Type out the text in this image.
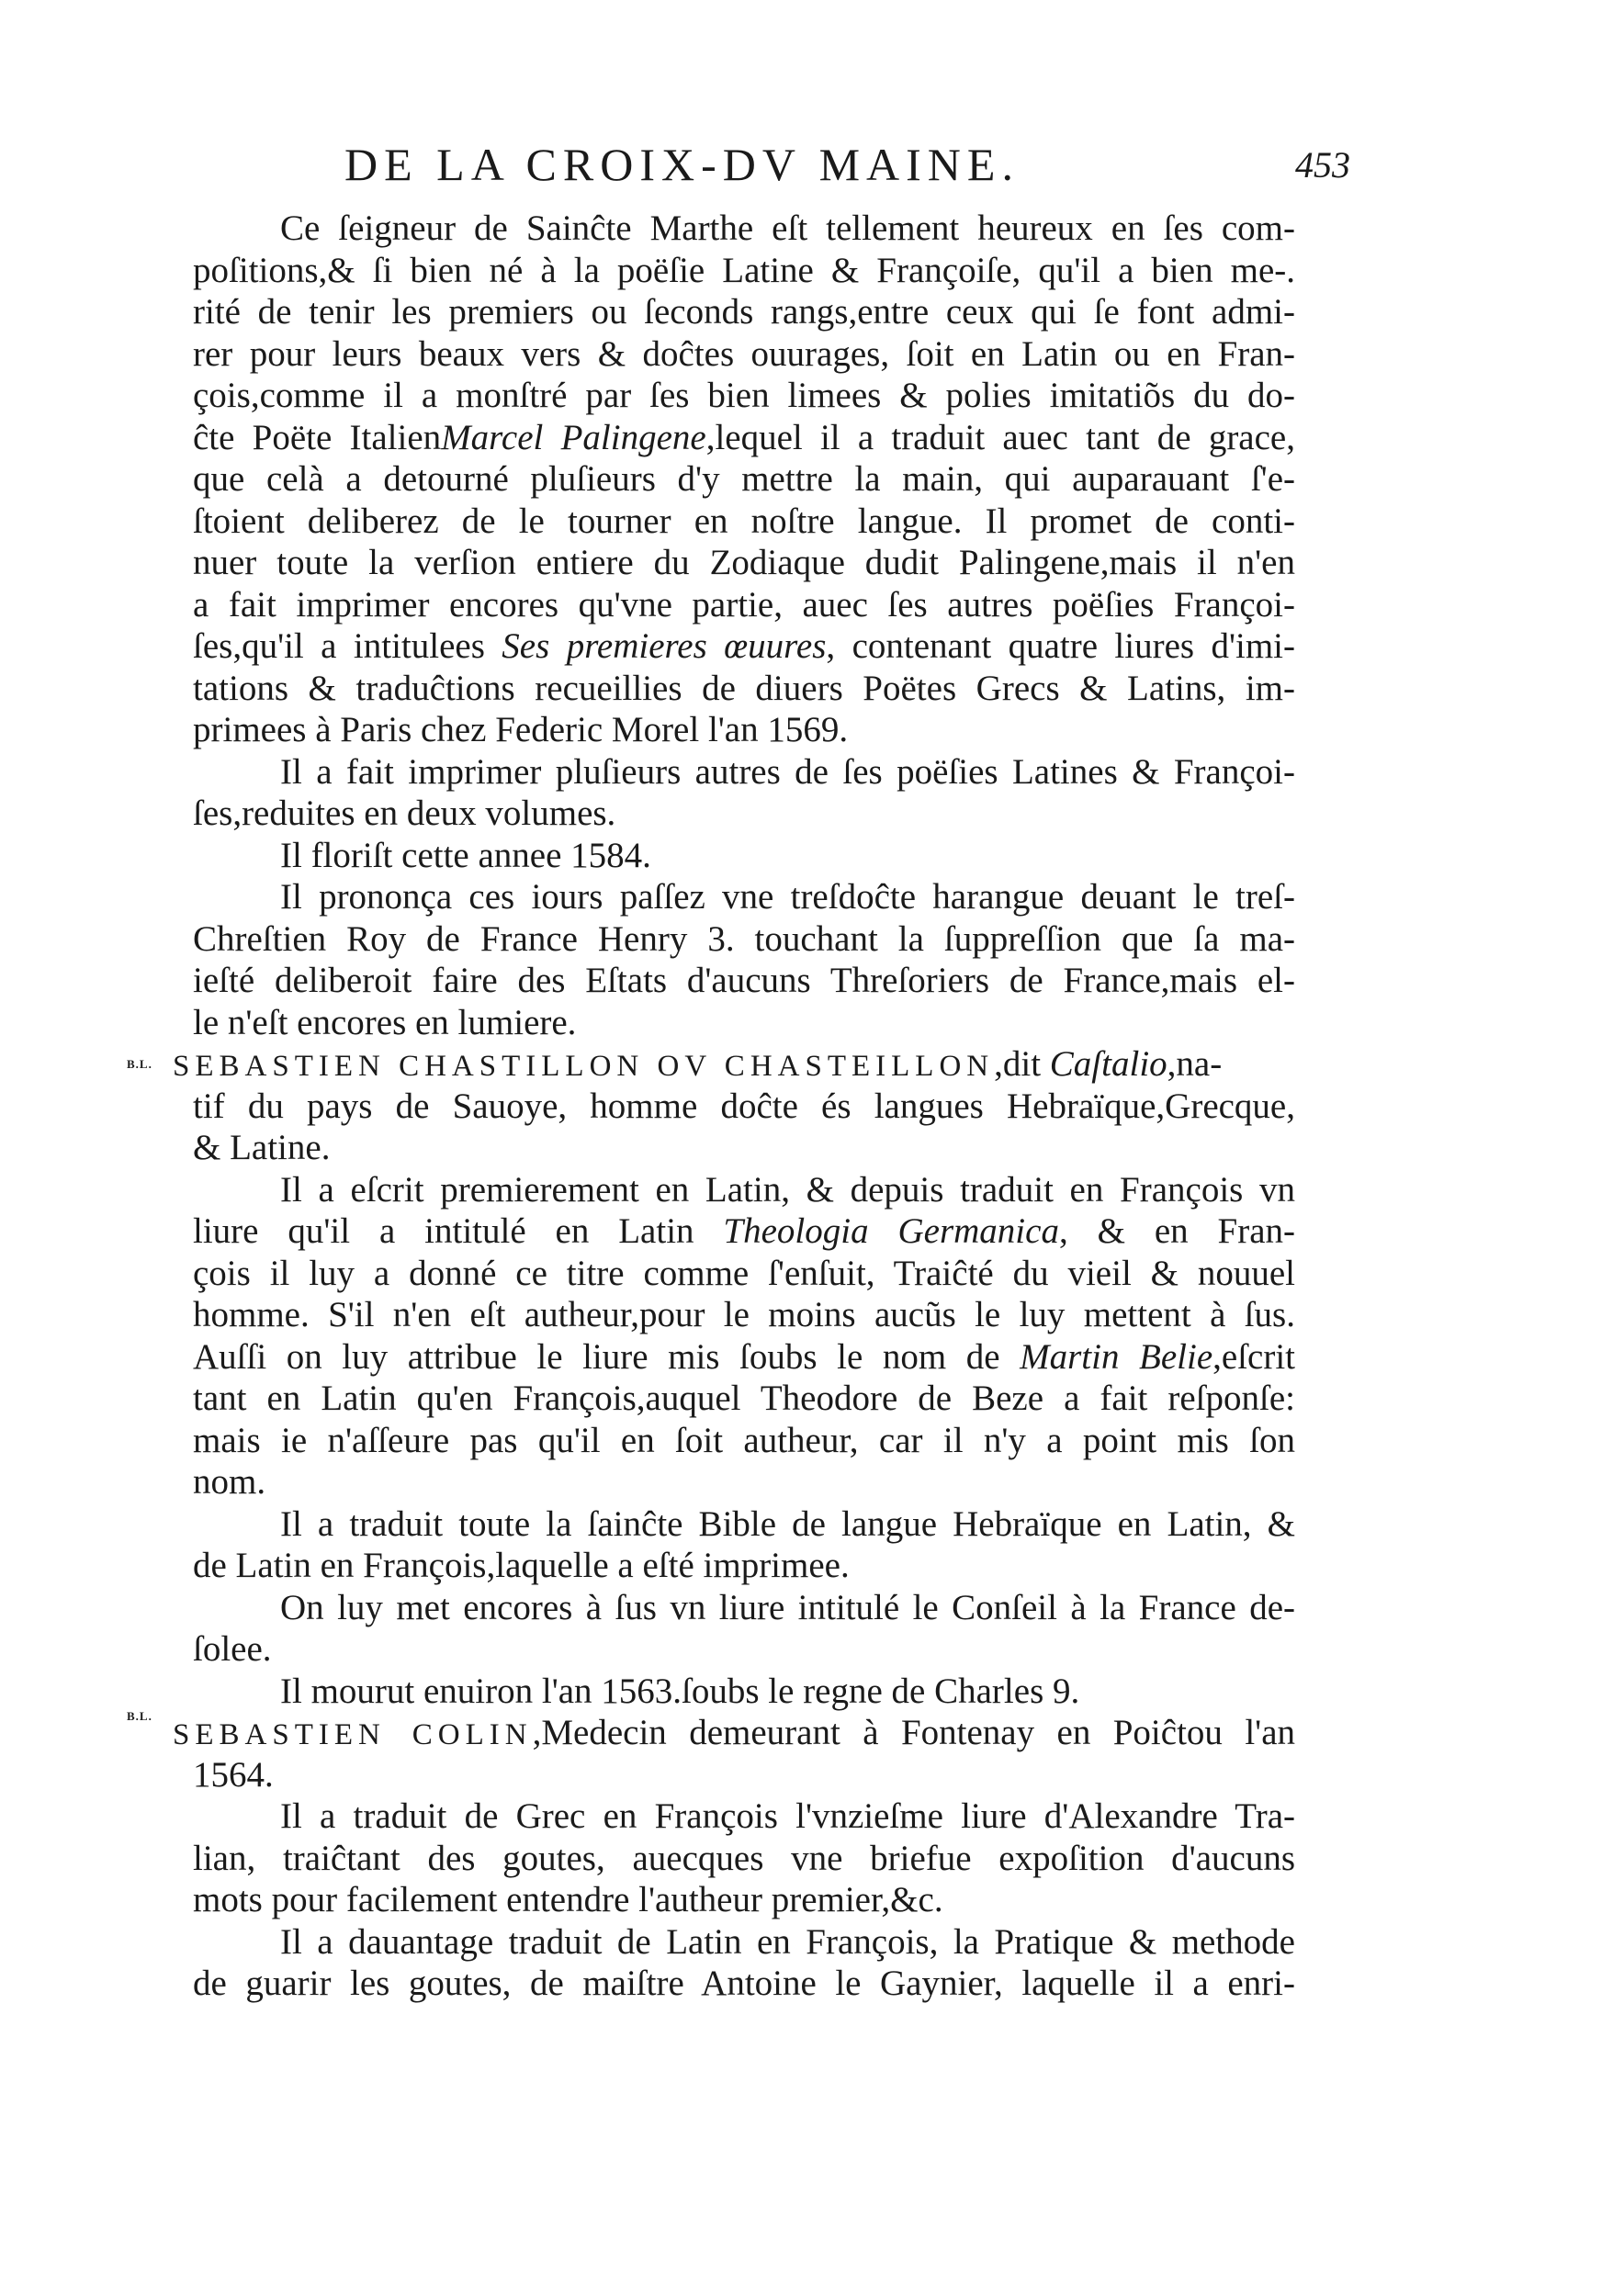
DE LA CROIX-DV MAINE.	453
Ce ſeigneur de Sainĉte Marthe eſt tellement heureux en ſes com-
poſitions,& ſi bien né à la poëſie Latine & Françoiſe, qu'il a bien me-.
rité de tenir les premiers ou ſeconds rangs,entre ceux qui ſe font admi-
rer pour leurs beaux vers & doĉtes ouurages, ſoit en Latin ou en Fran-
çois,comme il a monſtré par ſes bien limees & polies imitatiõs du do-
ĉte Poëte ItalienMarcel Palingene,lequel il a traduit auec tant de grace,
que celà a detourné pluſieurs d'y mettre la main, qui auparauant ſ'e-
ſtoient deliberez de le tourner en noſtre langue. Il promet de conti-
nuer toute la verſion entiere du Zodiaque dudit Palingene,mais il n'en
a fait imprimer encores qu'vne partie, auec ſes autres poëſies Françoi-
ſes,qu'il a intitulees Ses premieres œuures, contenant quatre liures d'imi-
tations & traduĉtions recueillies de diuers Poëtes Grecs & Latins, im-
primees à Paris chez Federic Morel l'an 1569.
Il a fait imprimer pluſieurs autres de ſes poëſies Latines & Françoi-
ſes,reduites en deux volumes.
Il floriſt cette annee 1584.
Il prononça ces iours paſſez vne treſdoĉte harangue deuant le treſ-
Chreſtien Roy de France Henry 3. touchant la ſuppreſſion que ſa ma-
ieſté deliberoit faire des Eſtats d'aucuns Threſoriers de France,mais el-
le n'eſt encores en lumiere.
B.L. SEBASTIEN CHASTILLON OV CHASTEILLON,dit Caſtalio,na-
tif du pays de Sauoye, homme doĉte és langues Hebraïque,Grecque,
& Latine.
Il a eſcrit premierement en Latin, & depuis traduit en François vn
liure qu'il a intitulé en Latin Theologia Germanica, & en Fran-
çois il luy a donné ce titre comme ſ'enſuit, Traiĉté du vieil & nouuel
homme. S'il n'en eſt autheur,pour le moins aucũs le luy mettent à ſus.
Auſſi on luy attribue le liure mis ſoubs le nom de Martin Belie,eſcrit
tant en Latin qu'en François,auquel Theodore de Beze a fait reſponſe:
mais ie n'aſſeure pas qu'il en ſoit autheur, car il n'y a point mis ſon
nom.
Il a traduit toute la ſainĉte Bible de langue Hebraïque en Latin, &
de Latin en François,laquelle a eſté imprimee.
On luy met encores à ſus vn liure intitulé le Conſeil à la France de-
ſolee.
Il mourut enuiron l'an 1563.ſoubs le regne de Charles 9.
B.L.
SEBASTIEN COLIN,Medecin demeurant à Fontenay en Poiĉtou l'an
1564.
Il a traduit de Grec en François l'vnzieſme liure d'Alexandre Tra-
lian, traiĉtant des goutes, auecques vne briefue expoſition d'aucuns
mots pour facilement entendre l'autheur premier,&c.
Il a dauantage traduit de Latin en François, la Pratique & methode
de guarir les goutes, de maiſtre Antoine le Gaynier, laquelle il a enri-
